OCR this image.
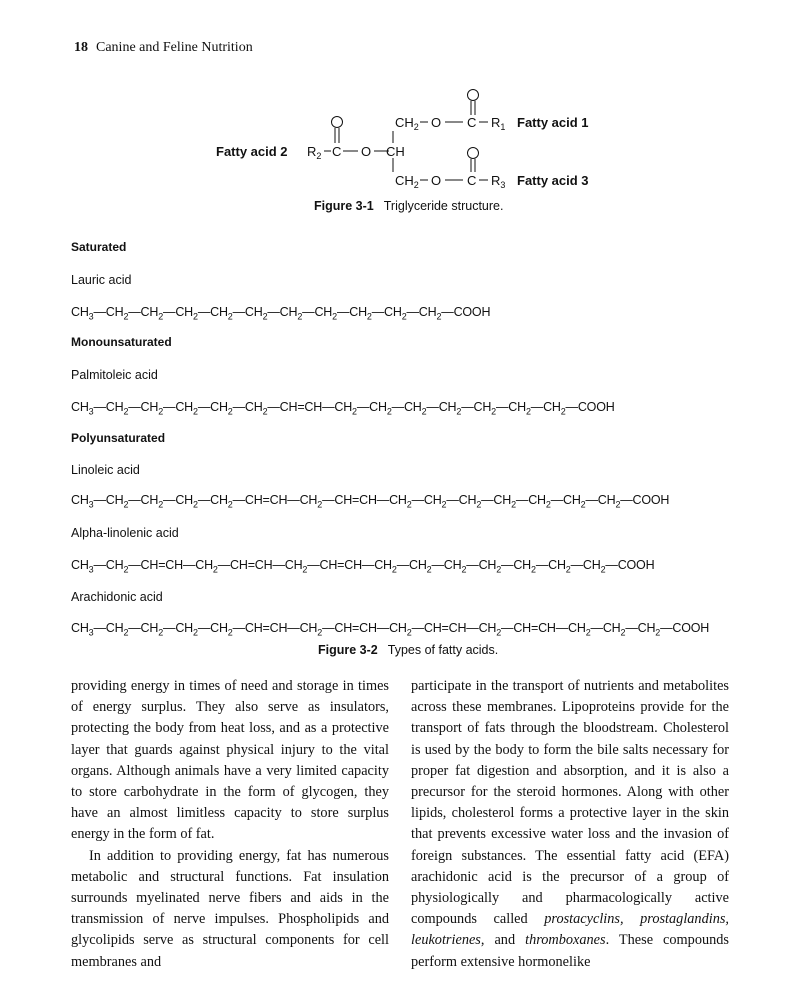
18 Canine and Feline Nutrition
$CH_2$ O C $R_1$
$R_2$ C O CH
$CH_2$ O C $R_3$
Fatty acid 1
Fatty acid 2
Fatty acid 3
Figure 3-1 Triglyceride structure.
Saturated
Lauric acid
$CH_3—CH_2—CH_2—CH_2—CH_2—CH_2—CH_2—CH_2—CH_2—CH_2—CH_2—COOH$
Monounsaturated
Palmitoleic acid
$CH_3—CH_2—CH_2—CH_2—CH_2—CH_2—CH=CH—CH_2—CH_2—CH_2—CH_2—CH_2—CH_2—CH_2—COOH$
Polyunsaturated
Linoleic acid
$CH_3—CH_2—CH_2—CH_2—CH_2—CH=CH—CH_2—CH=CH—CH_2—CH_2—CH_2—CH_2—CH_2—CH_2—CH_2—COOH$
Alpha-linolenic acid
$CH_3—CH_2—CH=CH—CH_2—CH=CH—CH_2—CH=CH—CH_2—CH_2—CH_2—CH_2—CH_2—CH_2—CH_2—COOH$
Arachidonic acid
$CH_3—CH_2—CH_2—CH_2—CH_2—CH=CH—CH_2—CH=CH—CH_2—CH=CH—CH_2—CH=CH—CH_2—CH_2—CH_2—COOH$
Figure 3-2 Types of fatty acids.

providing energy in times of need and storage in times of energy surplus. They also serve as insulators, protecting the body from heat loss, and as a protective layer that guards against physical injury to the vital organs. Although animals have a very limited capacity to store carbohydrate in the form of glycogen, they have an almost limitless capacity to store surplus energy in the form of fat.

In addition to providing energy, fat has numerous metabolic and structural functions. Fat insulation surrounds myelinated nerve fibers and aids in the transmission of nerve impulses. Phospholipids and glycolipids serve as structural components for cell membranes and

participate in the transport of nutrients and metabolites across these membranes. Lipoproteins provide for the transport of fats through the bloodstream. Cholesterol is used by the body to form the bile salts necessary for proper fat digestion and absorption, and it is also a precursor for the steroid hormones. Along with other lipids, cholesterol forms a protective layer in the skin that prevents excessive water loss and the invasion of foreign substances. The essential fatty acid (EFA) arachidonic acid is the precursor of a group of physiologically and pharmacologically active compounds called prostacyclins, prostaglandins, leukotrienes, and thromboxanes. These compounds perform extensive hormonelike
